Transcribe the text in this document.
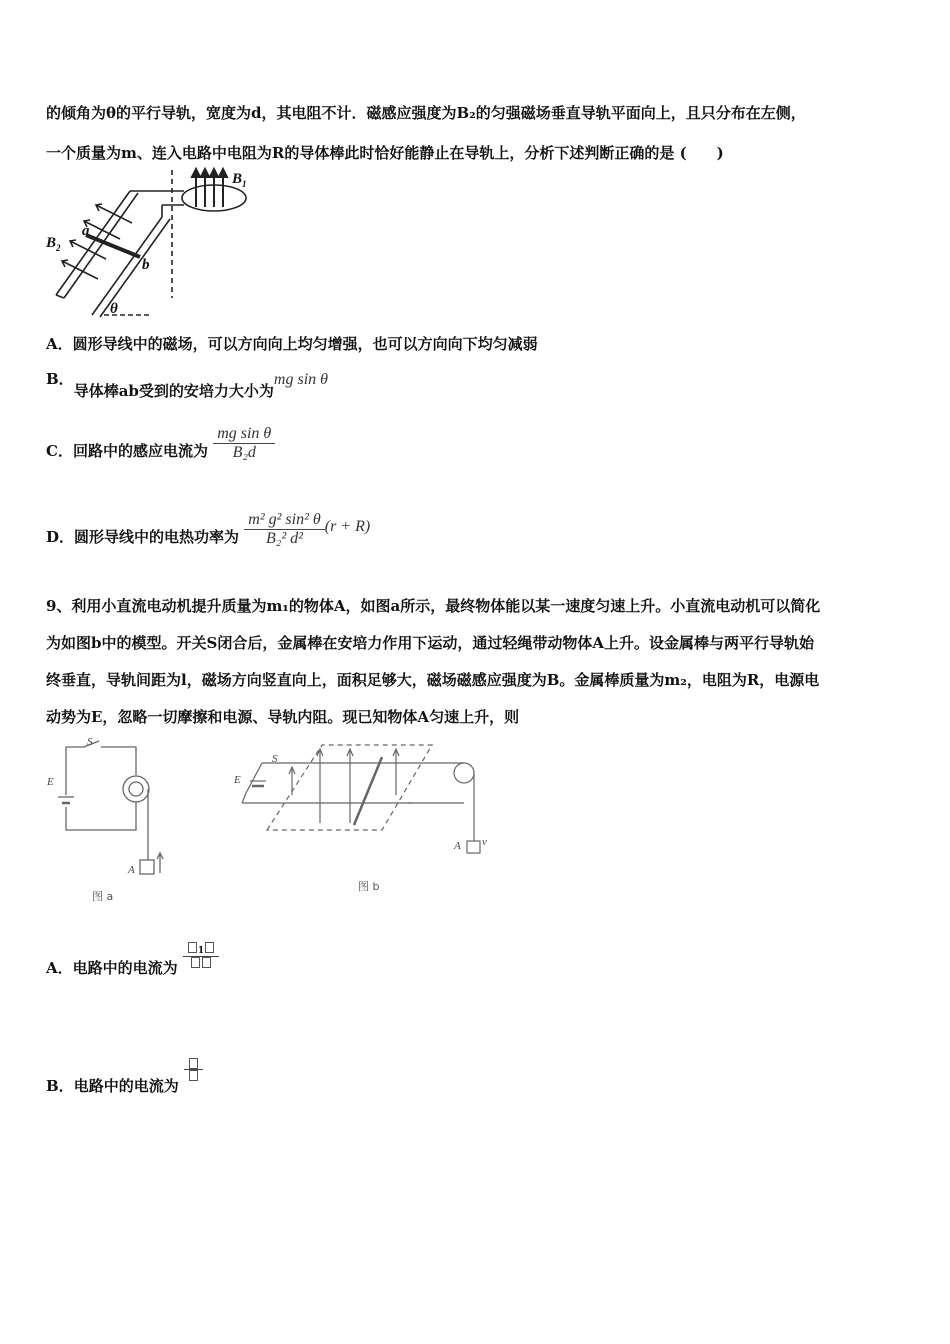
的倾角为θ的平行导轨，宽度为d，其电阻不计．磁感应强度为B₂的匀强磁场垂直导轨平面向上，且只分布在左侧，
一个质量为m、连入电路中电阻为R的导体棒此时恰好能静止在导轨上，分析下述判断正确的是 (　　)
$B_1$
$B_2$
a
b
θ
A．圆形导线中的磁场，可以方向向上均匀增强，也可以方向向下均匀减弱
B．导体棒ab受到的安培力大小为mg sin θ
C．回路中的感应电流为 $\frac{\text{mg sin θ}}{\text{B₂d}}$
D．圆形导线中的电热功率为 $\frac{\text{m² g² sin² θ}}{\text{B₂² d²}} (r + R)$
9、利用小直流电动机提升质量为m₁的物体A，如图a所示，最终物体能以某一速度匀速上升。小直流电动机可以简化
为如图b中的模型。开关S闭合后，金属棒在安培力作用下运动，通过轻绳带动物体A上升。设金属棒与两平行导轨始
终垂直，导轨间距为l，磁场方向竖直向上，面积足够大，磁场磁感应强度为B。金属棒质量为m₂，电阻为R，电源电
动势为E，忽略一切摩擦和电源、导轨内阻。现已知物体A匀速上升，则
S
E
A
图 a
E
S
A v
图 b
A．电路中的电流为
$_1$
B．电路中的电流为
